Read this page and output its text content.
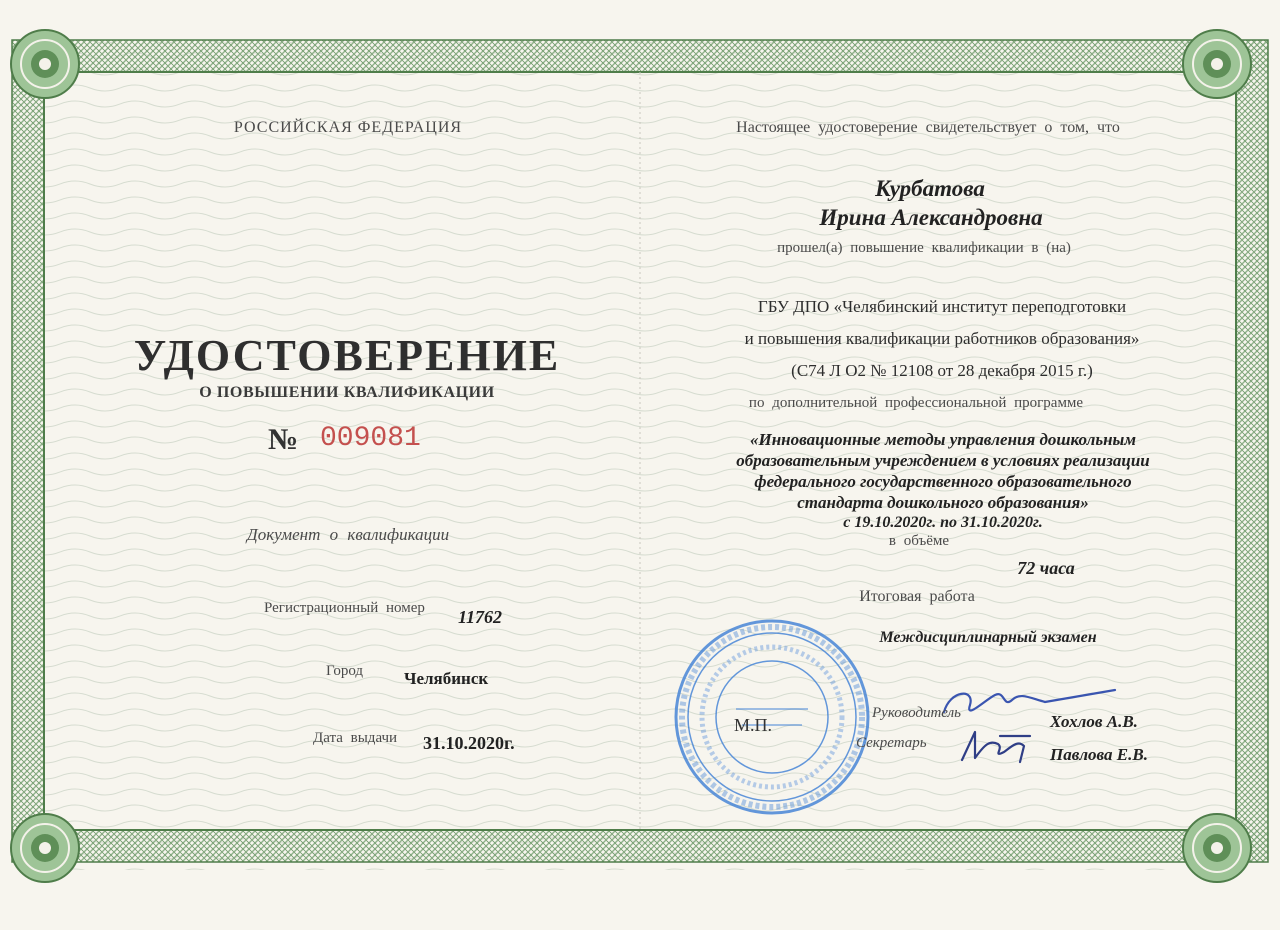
РОССИЙСКАЯ ФЕДЕРАЦИЯ
УДОСТОВЕРЕНИЕ
О ПОВЫШЕНИИ КВАЛИФИКАЦИИ
№ 009081
Документ о квалификации
Регистрационный номер 11762
Город Челябинск
Дата выдачи 31.10.2020г.
Настоящее удостоверение свидетельствует о том, что
Курбатова
Ирина Александровна
прошел(а) повышение квалификации в (на)
ГБУ ДПО «Челябинский институт переподготовки
и повышения квалификации работников образования»
(С74 Л О2 № 12108 от 28 декабря 2015 г.)
по дополнительной профессиональной программе
«Инновационные методы управления дошкольным
образовательным учреждением в условиях реализации
федерального государственного образовательного
стандарта дошкольного образования»
с 19.10.2020г. по 31.10.2020г.
в объёме
72 часа
Итоговая работа
Междисциплинарный экзамен
М.П.
Руководитель	Хохлов А.В.
Секретарь
Павлова Е.В.
